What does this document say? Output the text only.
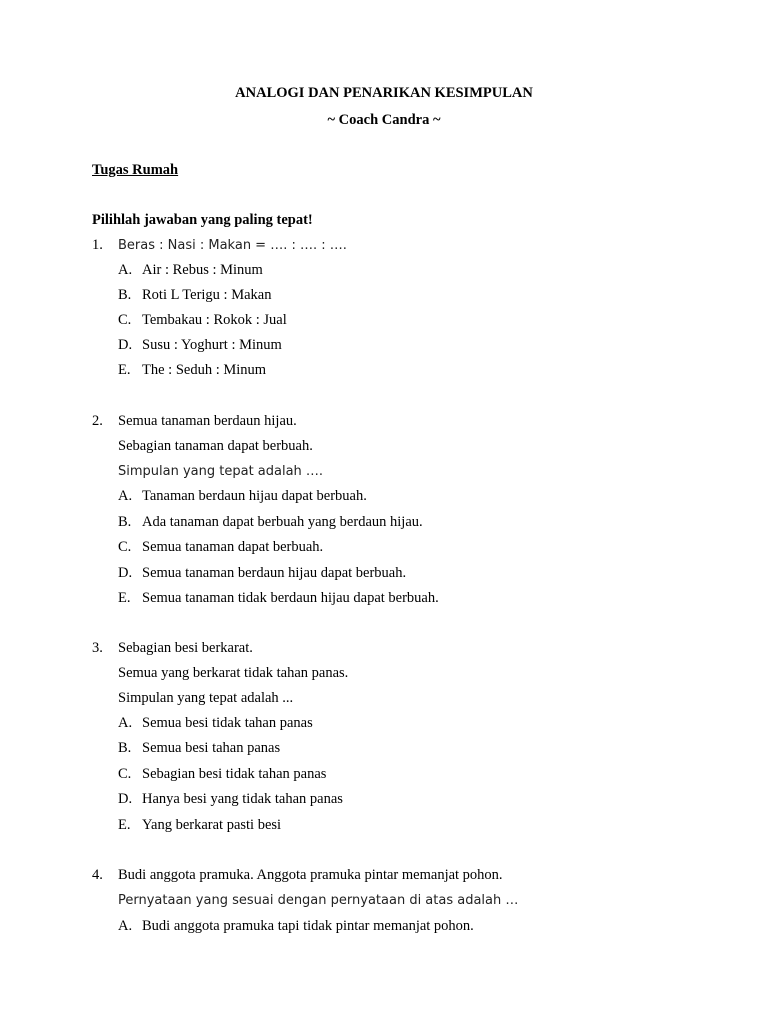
ANALOGI DAN PENARIKAN KESIMPULAN
~ Coach Candra ~
Tugas Rumah
Pilihlah jawaban yang paling tepat!
1. Beras : Nasi : Makan = …. : …. : ….
A. Air : Rebus : Minum
B. Roti L Terigu : Makan
C. Tembakau : Rokok : Jual
D. Susu : Yoghurt : Minum
E. The : Seduh : Minum
2. Semua tanaman berdaun hijau.
Sebagian tanaman dapat berbuah.
Simpulan yang tepat adalah ….
A. Tanaman berdaun hijau dapat berbuah.
B. Ada tanaman dapat berbuah yang berdaun hijau.
C. Semua tanaman dapat berbuah.
D. Semua tanaman berdaun hijau dapat berbuah.
E. Semua tanaman tidak berdaun hijau dapat berbuah.
3. Sebagian besi berkarat.
Semua yang berkarat tidak tahan panas.
Simpulan yang tepat adalah ...
A. Semua besi tidak tahan panas
B. Semua besi tahan panas
C. Sebagian besi tidak tahan panas
D. Hanya besi yang tidak tahan panas
E. Yang berkarat pasti besi
4. Budi anggota pramuka. Anggota pramuka pintar memanjat pohon.
Pernyataan yang sesuai dengan pernyataan di atas adalah …
A. Budi anggota pramuka tapi tidak pintar memanjat pohon.
